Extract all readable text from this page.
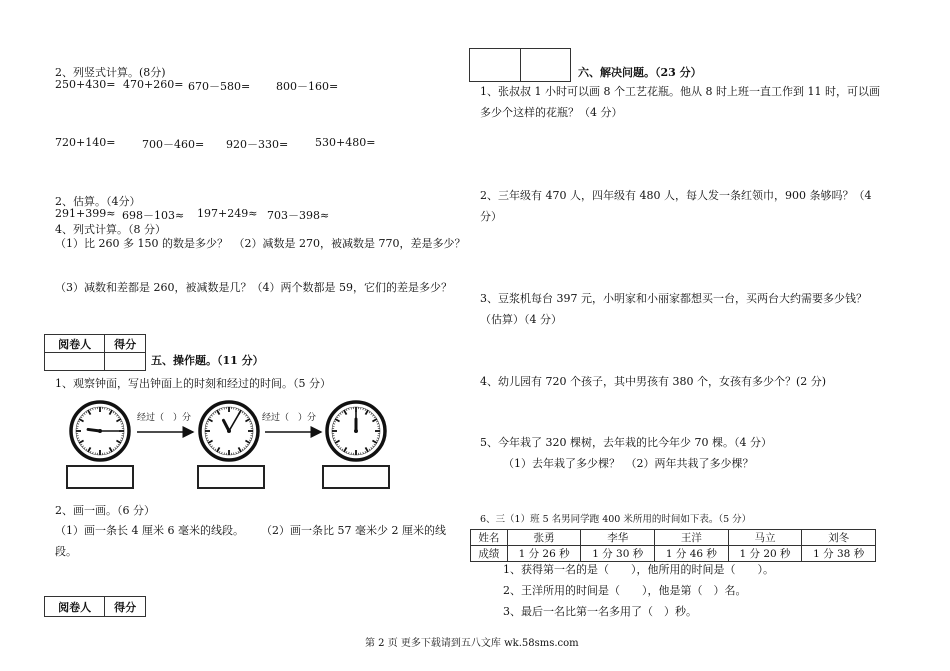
2、列竖式计算。(8分)
250+430= 470+260= 670－580= 800－160=
720+140= 700－460= 920－330= 530+480=
2、估算。（4分）
291+399≈ 698－103≈ 197+249≈ 703－398≈
4、列式计算。（8 分）
（1）比 260 多 150 的数是多少？　（2）减数是 270，被减数是 770，差是多少？
（3）减数和差都是 260，被减数是几？（4）两个数都是 59，它们的差是多少？
阅卷人	得分

五、操作题。（11 分）
1、观察钟面，写出钟面上的时刻和经过的时间。（5 分）
经过（　）分	经过（　）分
2、画一画。（6 分）
（1）画一条长 4 厘米 6 毫米的线段。 （2）画一条比 57 毫米少 2 厘米的线
段。
阅卷人	得分

六、解决问题。（23 分）
1、张叔叔 1 小时可以画 8 个工艺花瓶。他从 8 时上班一直工作到 11 时，可以画
多少个这样的花瓶？（4 分）
2、三年级有 470 人，四年级有 480 人，每人发一条红领巾，900 条够吗？（4
分）
3、豆浆机每台 397 元，小明家和小丽家都想买一台，买两台大约需要多少钱？
（估算）（4 分）
4、幼儿园有 720 个孩子，其中男孩有 380 个，女孩有多少个？(2 分)
5、今年栽了 320 棵树，去年栽的比今年少 70 棵。（4 分）
（1）去年栽了多少棵？　（2）两年共栽了多少棵？
6、三（1）班 5 名男同学跑 400 米所用的时间如下表。（5 分）
姓名	张勇	李华	王洋	马立	刘冬
成绩	1 分 26 秒	1 分 30 秒	1 分 46 秒	1 分 20 秒	1 分 38 秒
1、获得第一名的是（　　），他所用的时间是（　　）。
2、王洋所用的时间是（　　），他是第（　）名。
3、最后一名比第一名多用了（　）秒。
第 2 页 更多下载请到五八文库 wk.58sms.com
